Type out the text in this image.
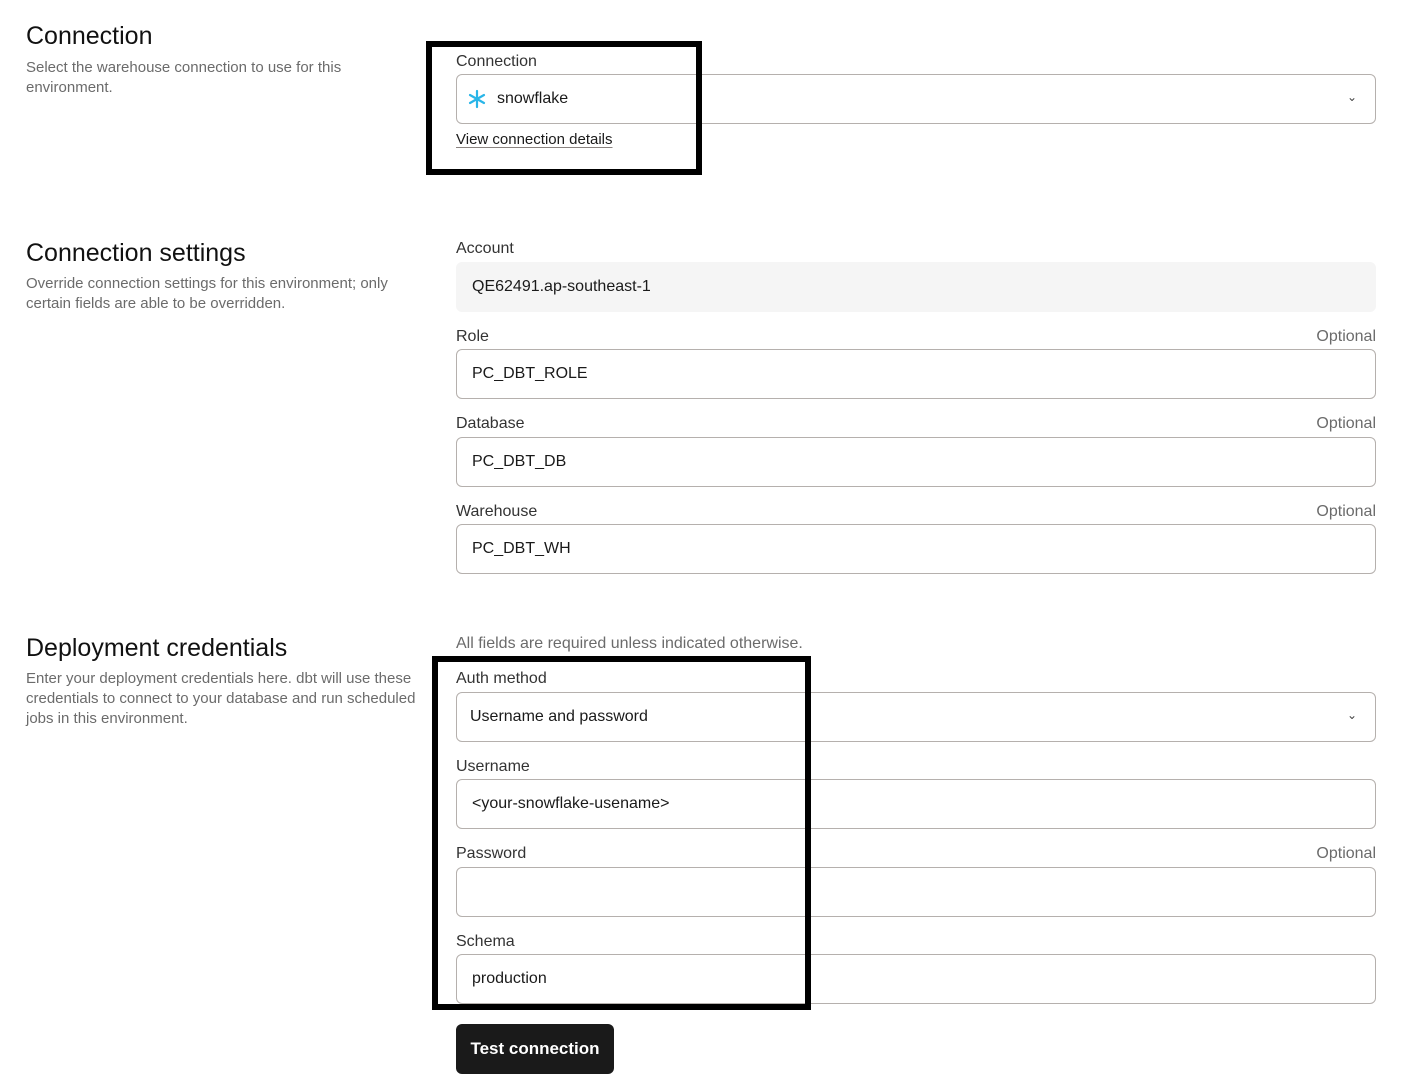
Connection
Select the warehouse connection to use for this environment.
Connection
snowflake	⌄
View connection details
Connection settings
Override connection settings for this environment; only certain fields are able to be overridden.
Account
QE62491.ap-southeast-1
Role	Optional
PC_DBT_ROLE
Database	Optional
PC_DBT_DB
Warehouse	Optional
PC_DBT_WH
Deployment credentials
Enter your deployment credentials here. dbt will use these credentials to connect to your database and run scheduled jobs in this environment.
All fields are required unless indicated otherwise.
Auth method
Username and password	⌄
Username
<your-snowflake-usename>
Password	Optional
Schema
production
Test connection
